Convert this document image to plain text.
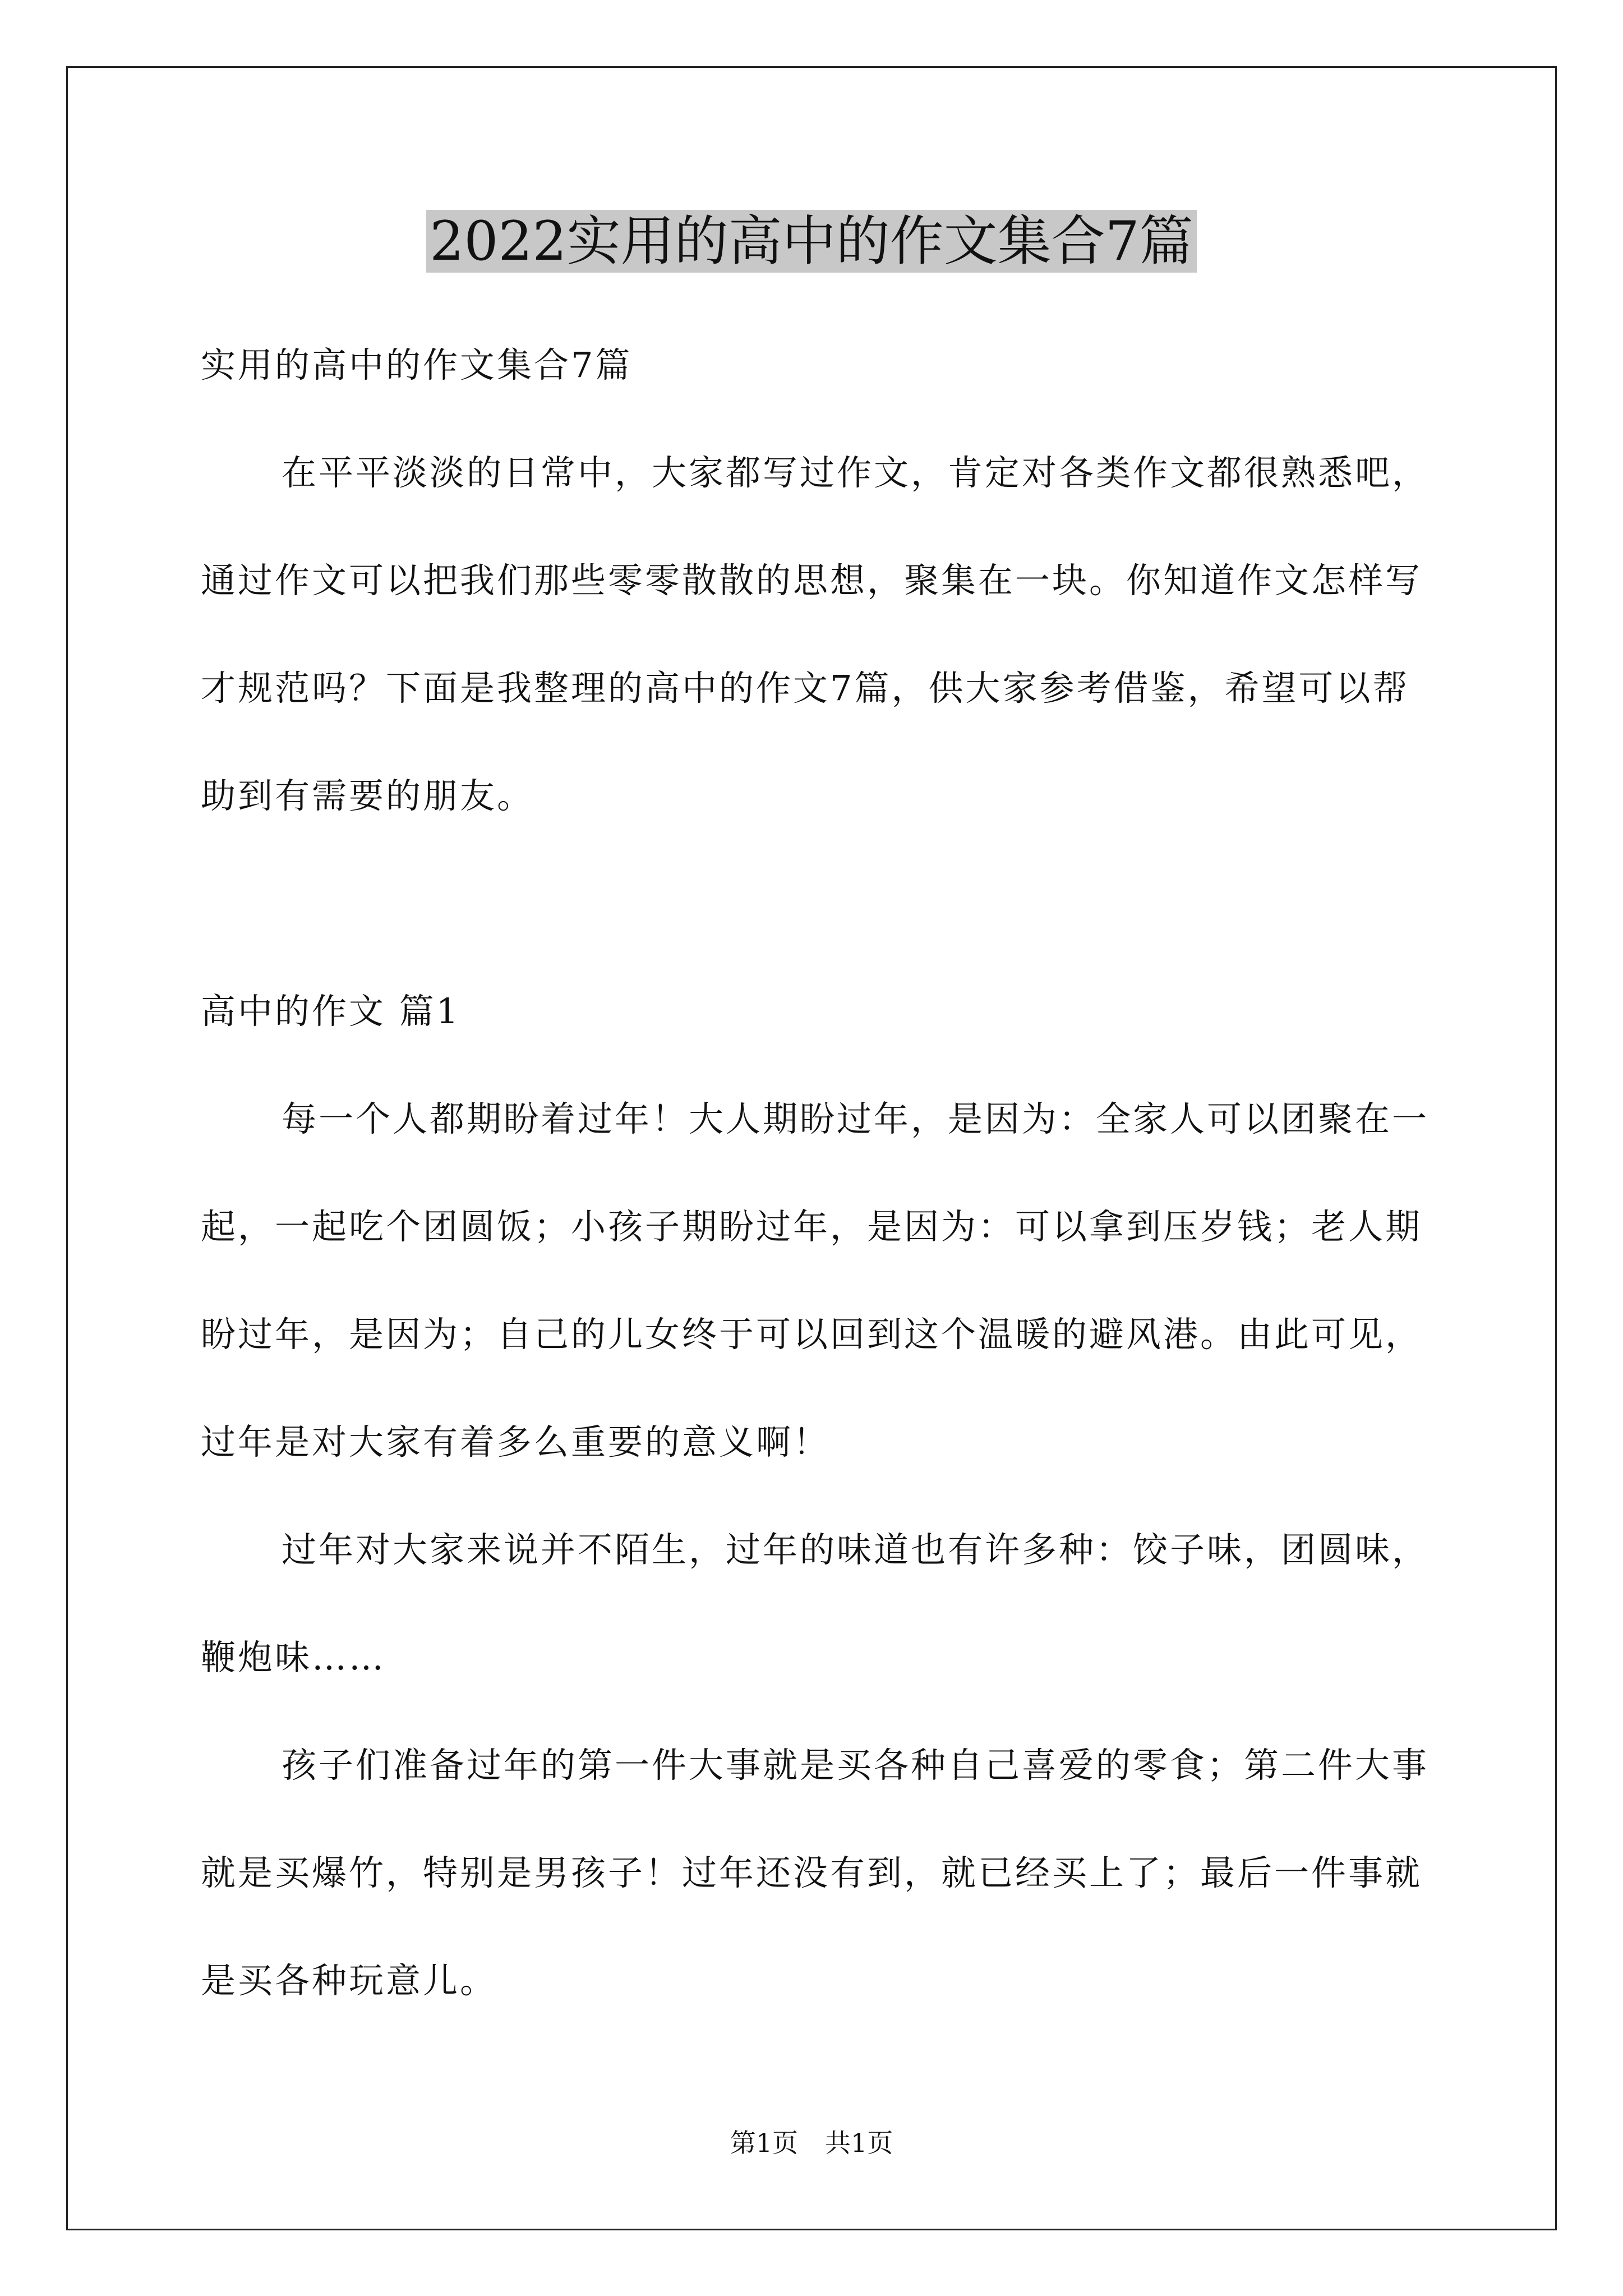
2022实用的高中的作文集合7篇

实用的高中的作文集合7篇

在平平淡淡的日常中，大家都写过作文，肯定对各类作文都很熟悉吧，通过作文可以把我们那些零零散散的思想，聚集在一块。你知道作文怎样写才规范吗？下面是我整理的高中的作文7篇，供大家参考借鉴，希望可以帮助到有需要的朋友。

高中的作文 篇1

每一个人都期盼着过年！大人期盼过年，是因为：全家人可以团聚在一起，一起吃个团圆饭；小孩子期盼过年，是因为：可以拿到压岁钱；老人期盼过年，是因为；自己的儿女终于可以回到这个温暖的避风港。由此可见，过年是对大家有着多么重要的意义啊！

过年对大家来说并不陌生，过年的味道也有许多种：饺子味，团圆味，鞭炮味……

孩子们准备过年的第一件大事就是买各种自己喜爱的零食；第二件大事就是买爆竹，特别是男孩子！过年还没有到，就已经买上了；最后一件事就是买各种玩意儿。

第1页 共1页
